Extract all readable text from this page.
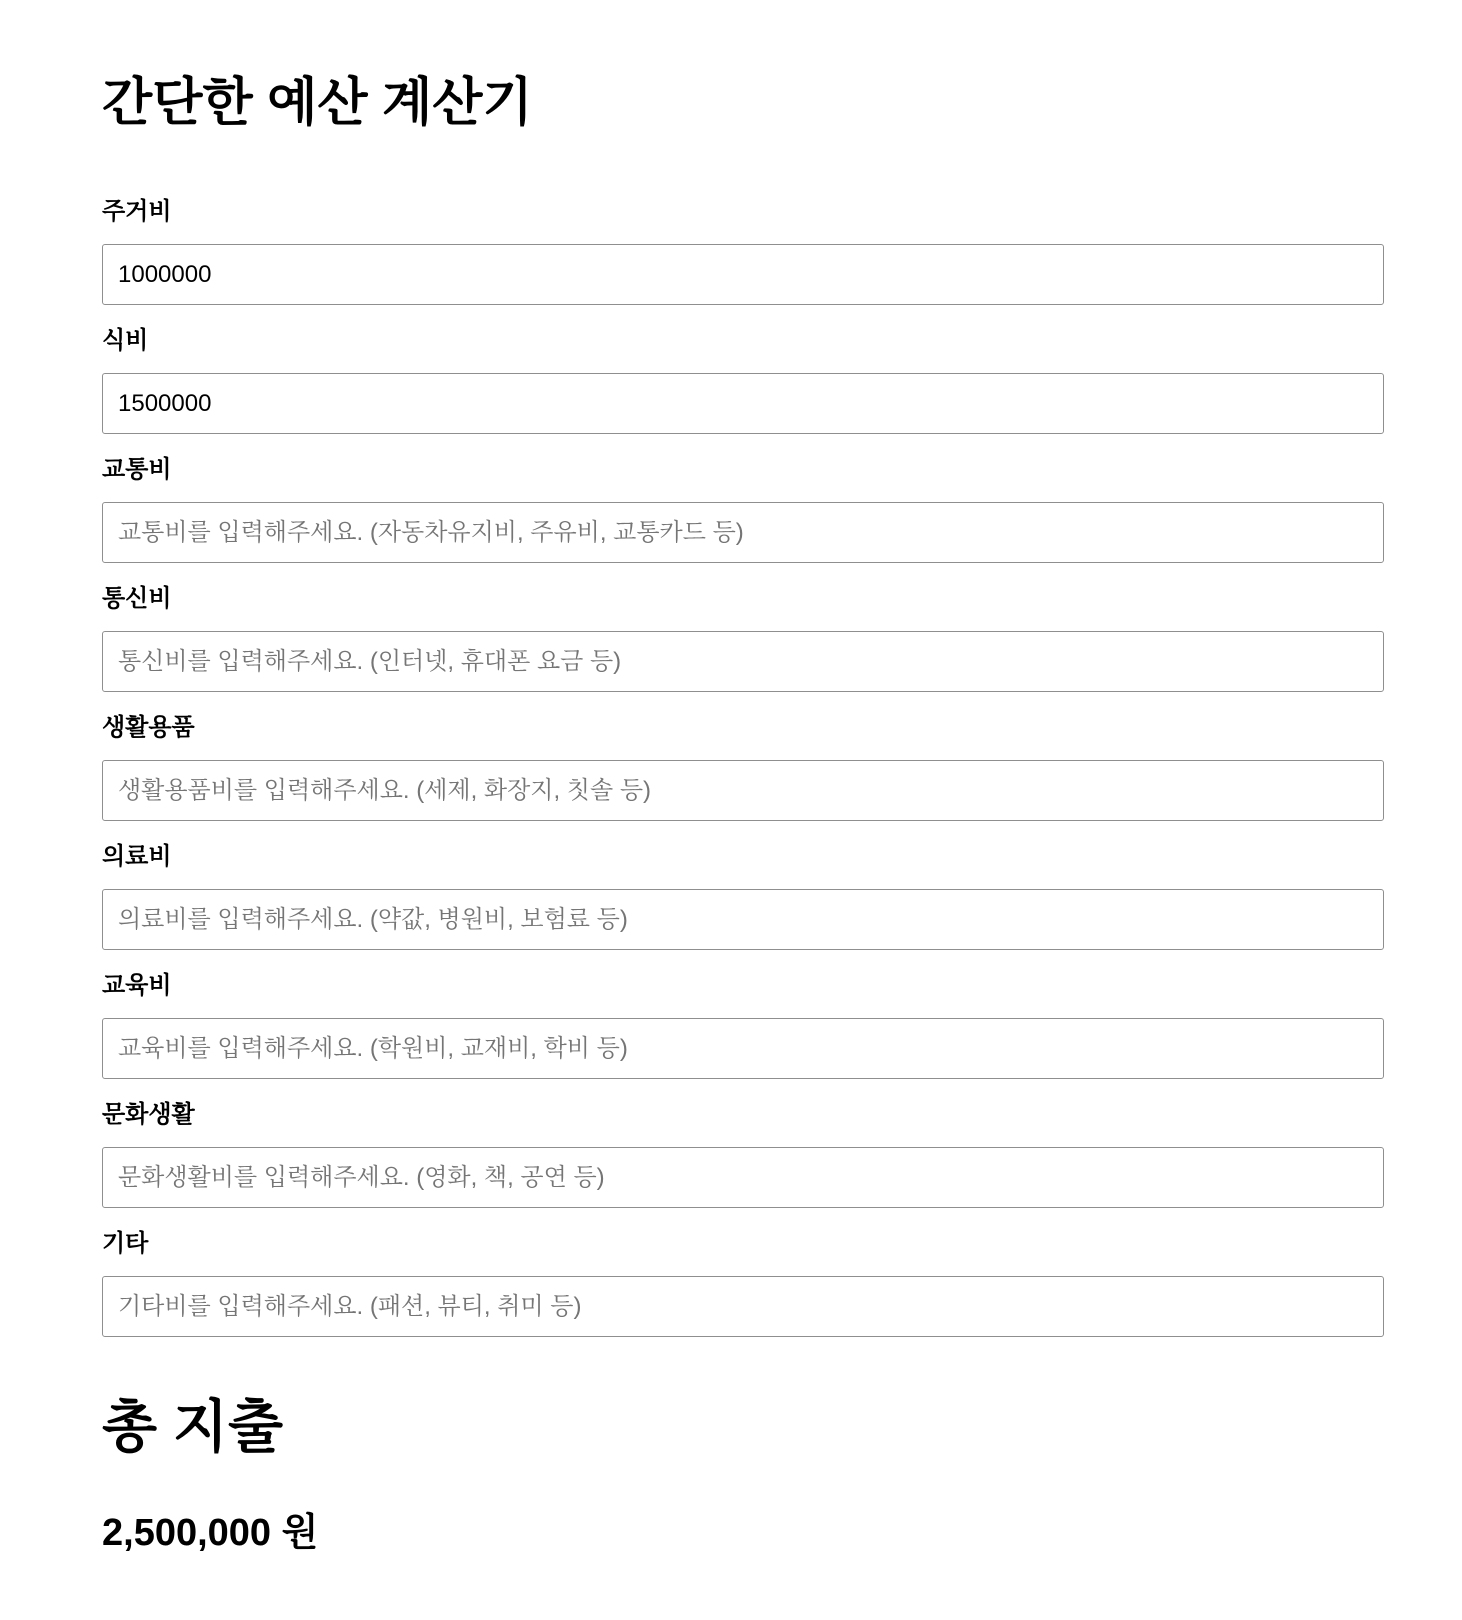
간단한 예산 계산기
주거비
1000000
식비
1500000
교통비
교통비를 입력해주세요. (자동차유지비, 주유비, 교통카드 등)
통신비
통신비를 입력해주세요. (인터넷, 휴대폰 요금 등)
생활용품
생활용품비를 입력해주세요. (세제, 화장지, 칫솔 등)
의료비
의료비를 입력해주세요. (약값, 병원비, 보험료 등)
교육비
교육비를 입력해주세요. (학원비, 교재비, 학비 등)
문화생활
문화생활비를 입력해주세요. (영화, 책, 공연 등)
기타
기타비를 입력해주세요. (패션, 뷰티, 취미 등)
총 지출
2,500,000 원
